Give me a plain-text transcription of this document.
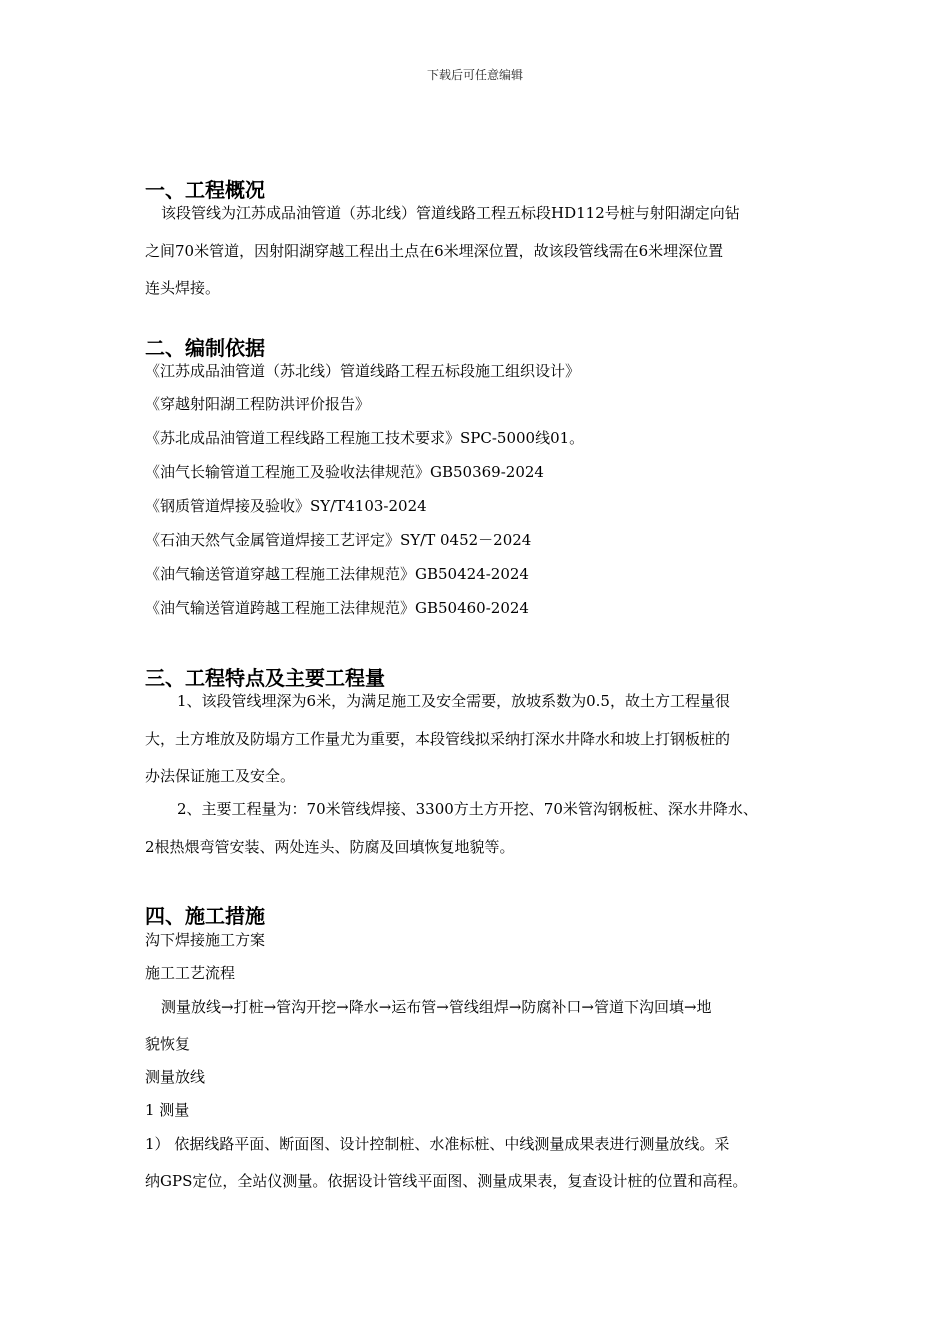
下载后可任意编辑
一、工程概况
该段管线为江苏成品油管道（苏北线）管道线路工程五标段HD112号桩与射阳湖定向钻
之间70米管道，因射阳湖穿越工程出土点在6米埋深位置，故该段管线需在6米埋深位置
连头焊接。
二、编制依据
《江苏成品油管道（苏北线）管道线路工程五标段施工组织设计》
《穿越射阳湖工程防洪评价报告》
《苏北成品油管道工程线路工程施工技术要求》SPC-5000线01。
《油气长输管道工程施工及验收法律规范》GB50369-2024
《钢质管道焊接及验收》SY/T4103-2024
《石油天然气金属管道焊接工艺评定》SY/T 0452－2024
《油气输送管道穿越工程施工法律规范》GB50424-2024
《油气输送管道跨越工程施工法律规范》GB50460-2024
三、工程特点及主要工程量
1、该段管线埋深为6米，为满足施工及安全需要，放坡系数为0.5，故土方工程量很
大，土方堆放及防塌方工作量尤为重要，本段管线拟采纳打深水井降水和坡上打钢板桩的
办法保证施工及安全。
2、主要工程量为：70米管线焊接、3300方土方开挖、70米管沟钢板桩、深水井降水、
2根热煨弯管安装、两处连头、防腐及回填恢复地貌等。
四、施工措施
沟下焊接施工方案
施工工艺流程
测量放线→打桩→管沟开挖→降水→运布管→管线组焊→防腐补口→管道下沟回填→地
貌恢复
测量放线
1 测量
1） 依据线路平面、断面图、设计控制桩、水准标桩、中线测量成果表进行测量放线。采
纳GPS定位，全站仪测量。依据设计管线平面图、测量成果表，复查设计桩的位置和高程。
